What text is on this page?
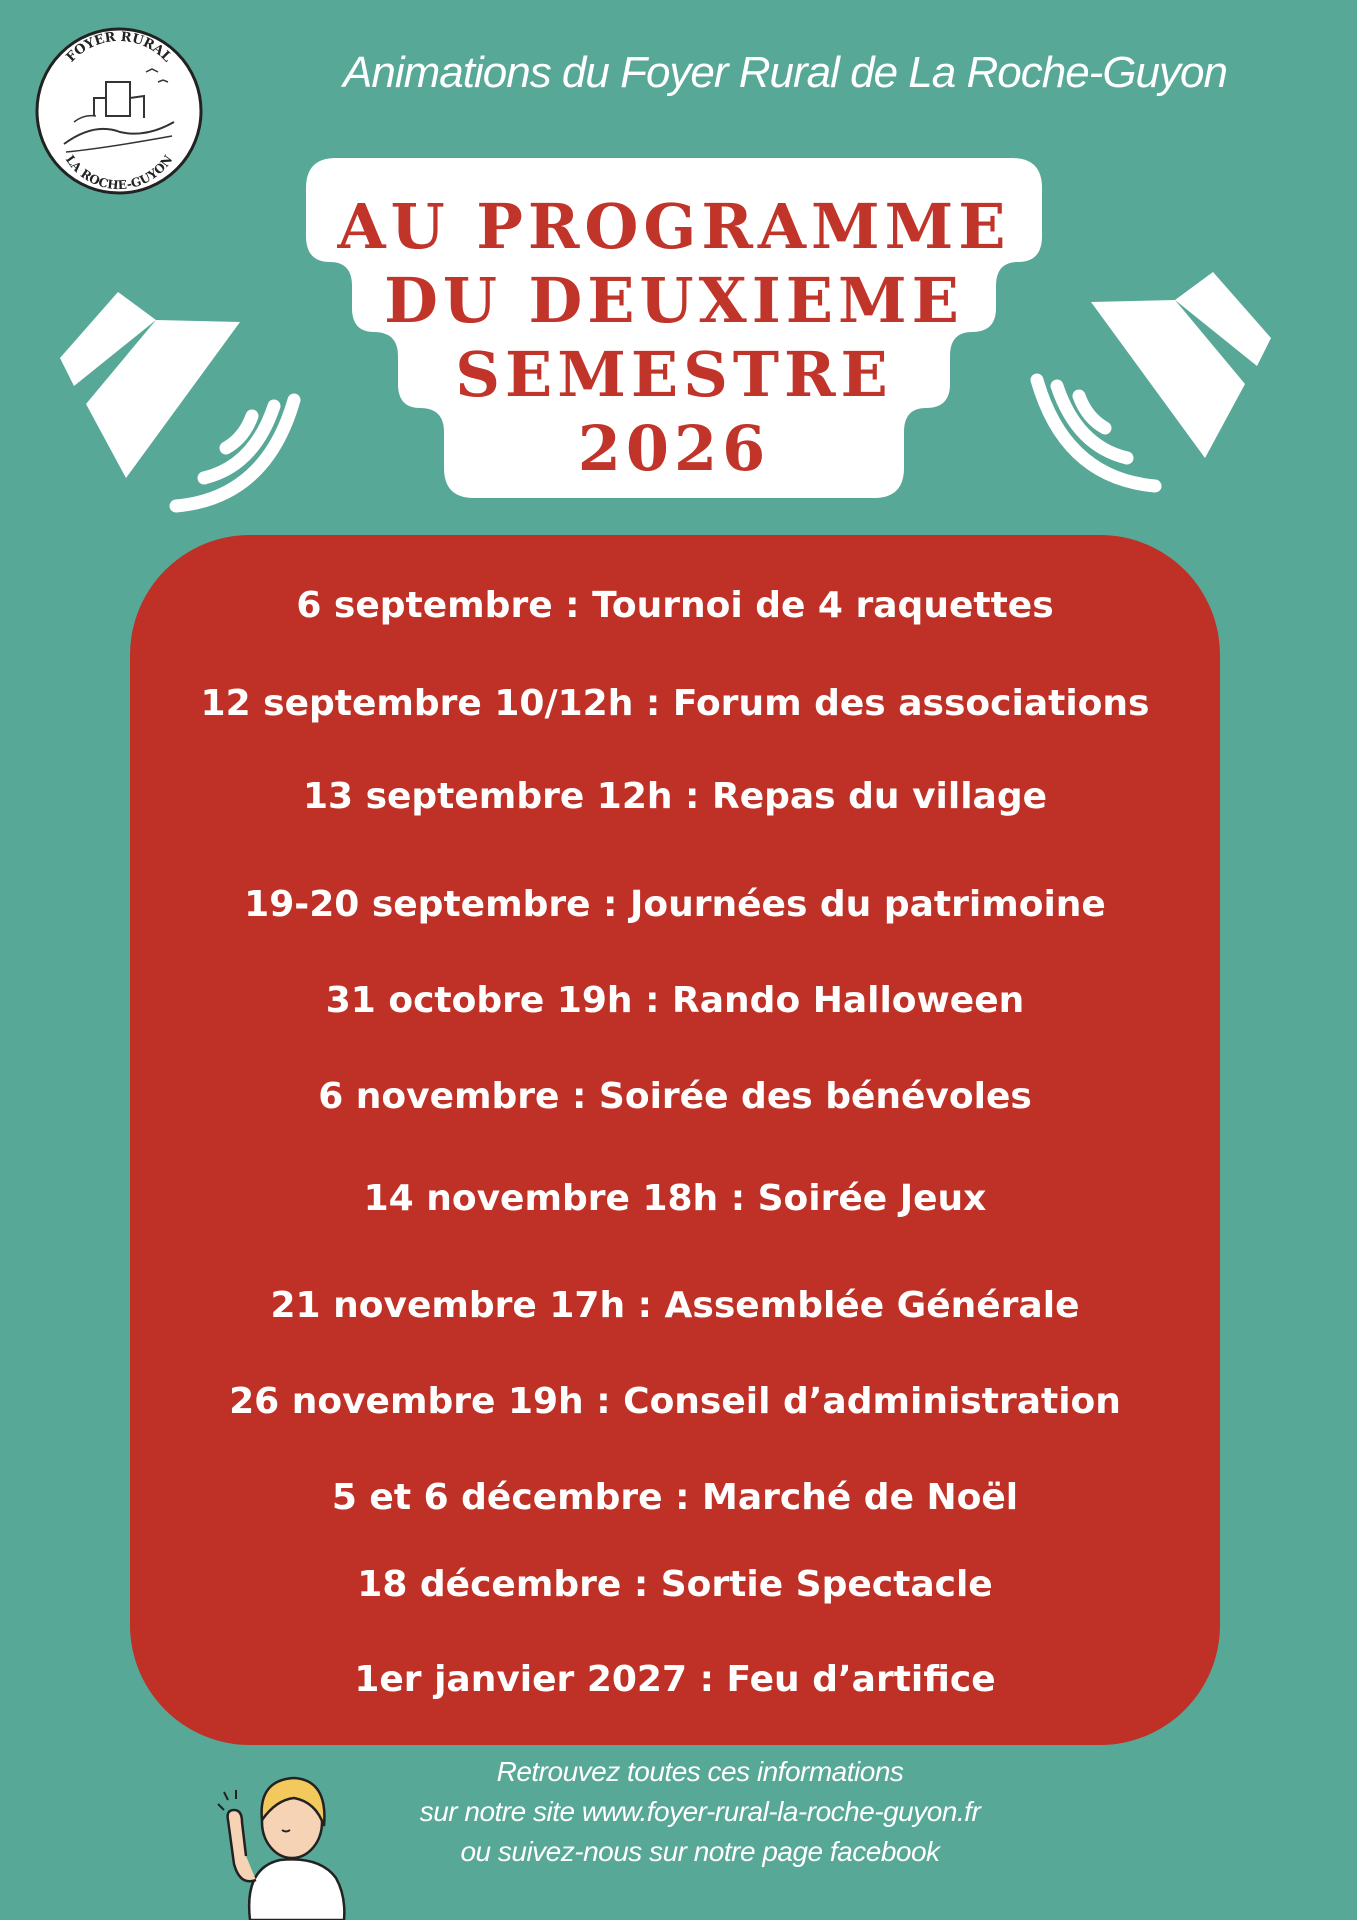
FOYER RURAL
LA ROCHE-GUYON
Animations du Foyer Rural de La Roche-Guyon
AU PROGRAMME
DU DEUXIEME
SEMESTRE
2026
6 septembre : Tournoi de 4 raquettes
12 septembre 10/12h : Forum des associations
13 septembre 12h : Repas du village
19-20 septembre : Journées du patrimoine
31 octobre 19h : Rando Halloween
6 novembre : Soirée des bénévoles
14 novembre 18h : Soirée Jeux
21 novembre 17h : Assemblée Générale
26 novembre 19h : Conseil d’administration
5 et 6 décembre : Marché de Noël
18 décembre : Sortie Spectacle
1er janvier 2027 : Feu d’artifice
Retrouvez toutes ces informations
sur notre site www.foyer-rural-la-roche-guyon.fr
ou suivez-nous sur notre page facebook
